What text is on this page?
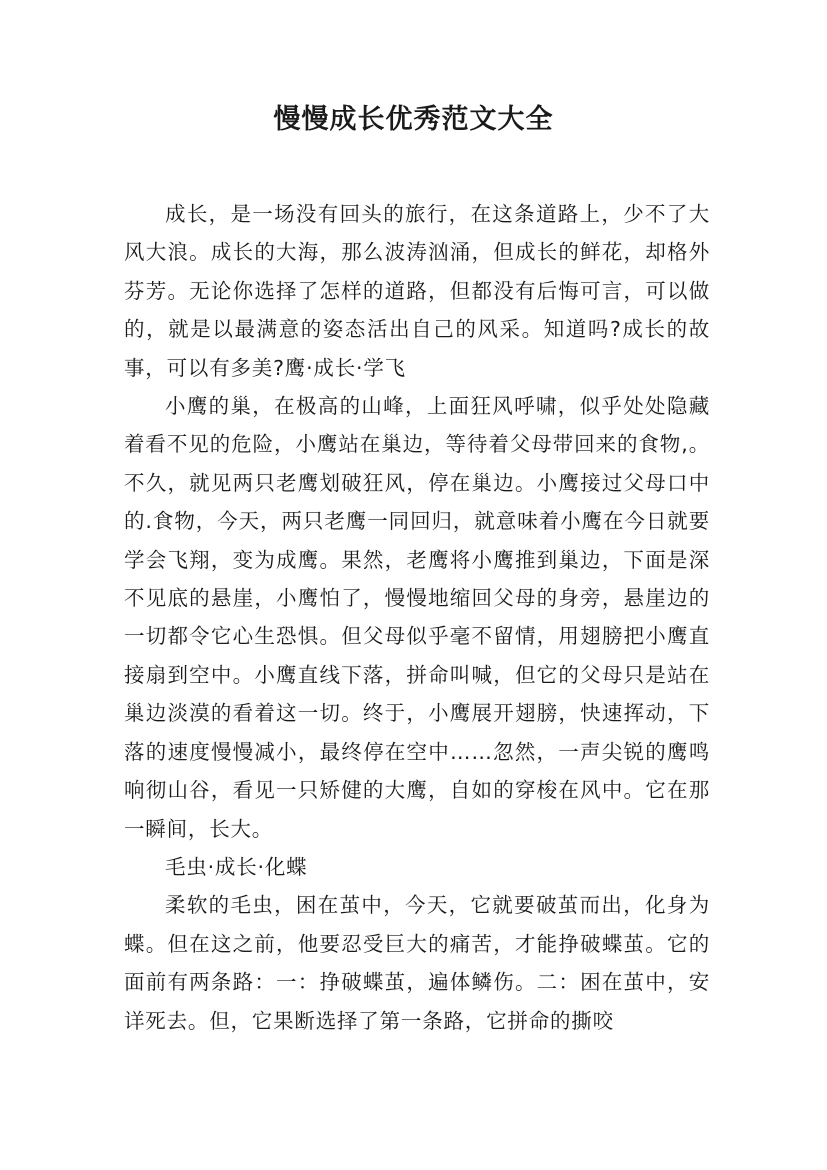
慢慢成长优秀范文大全

成长，是一场没有回头的旅行，在这条道路上，少不了大风大浪。成长的大海，那么波涛汹涌，但成长的鲜花，却格外芬芳。无论你选择了怎样的道路，但都没有后悔可言，可以做的，就是以最满意的姿态活出自己的风采。知道吗?成长的故事，可以有多美?鹰·成长·学飞

小鹰的巢，在极高的山峰，上面狂风呼啸，似乎处处隐藏着看不见的危险，小鹰站在巢边，等待着父母带回来的食物,。不久，就见两只老鹰划破狂风，停在巢边。小鹰接过父母口中的.食物，今天，两只老鹰一同回归，就意味着小鹰在今日就要学会飞翔，变为成鹰。果然，老鹰将小鹰推到巢边，下面是深不见底的悬崖，小鹰怕了，慢慢地缩回父母的身旁，悬崖边的一切都令它心生恐惧。但父母似乎毫不留情，用翅膀把小鹰直接扇到空中。小鹰直线下落，拼命叫喊，但它的父母只是站在巢边淡漠的看着这一切。终于，小鹰展开翅膀，快速挥动，下落的速度慢慢减小，最终停在空中……忽然，一声尖锐的鹰鸣响彻山谷，看见一只矫健的大鹰，自如的穿梭在风中。它在那一瞬间，长大。

毛虫·成长·化蝶

柔软的毛虫，困在茧中，今天，它就要破茧而出，化身为蝶。但在这之前，他要忍受巨大的痛苦，才能挣破蝶茧。它的面前有两条路：一：挣破蝶茧，遍体鳞伤。二：困在茧中，安详死去。但，它果断选择了第一条路，它拼命的撕咬
